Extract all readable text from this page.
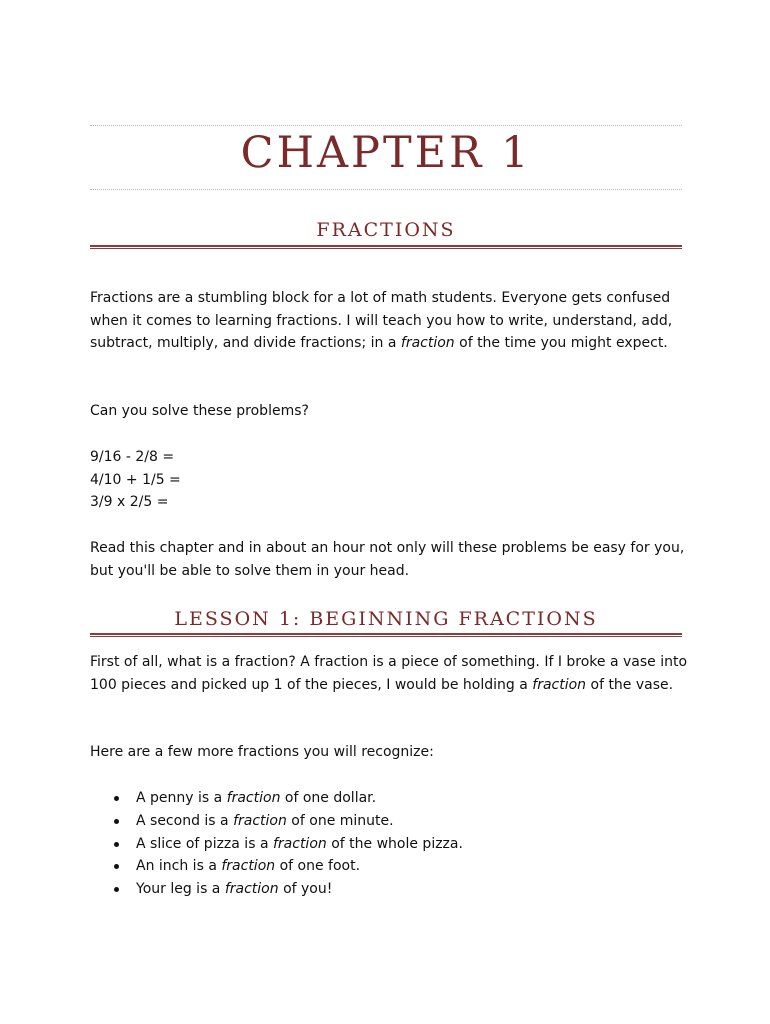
CHAPTER 1
FRACTIONS

Fractions are a stumbling block for a lot of math students. Everyone gets confused when it comes to learning fractions. I will teach you how to write, understand, add, subtract, multiply, and divide fractions; in a fraction of the time you might expect.

Can you solve these problems?

9/16 - 2/8 =
4/10 + 1/5 =
3/9 x 2/5 =

Read this chapter and in about an hour not only will these problems be easy for you, but you'll be able to solve them in your head.

LESSON 1: BEGINNING FRACTIONS

First of all, what is a fraction? A fraction is a piece of something. If I broke a vase into 100 pieces and picked up 1 of the pieces, I would be holding a fraction of the vase.

Here are a few more fractions you will recognize:

A penny is a fraction of one dollar.
A second is a fraction of one minute.
A slice of pizza is a fraction of the whole pizza.
An inch is a fraction of one foot.
Your leg is a fraction of you!
